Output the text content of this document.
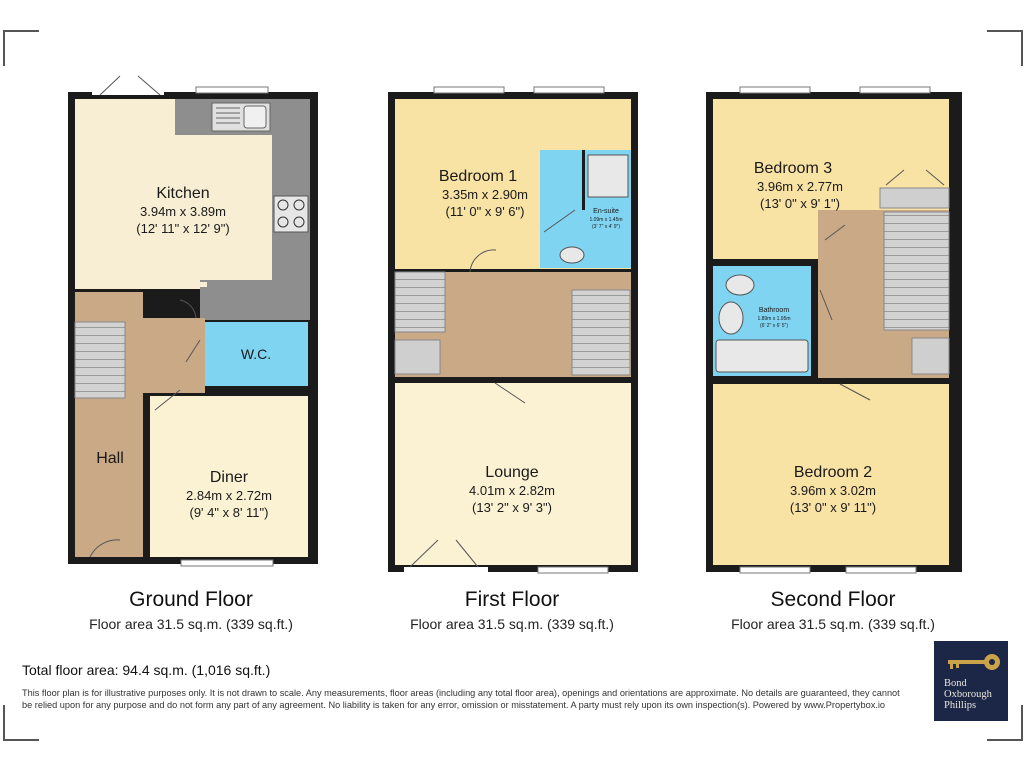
Kitchen
3.94m x 3.89m
(12' 11" x 12' 9")
W.C.
Hall
Diner
2.84m x 2.72m
(9' 4" x 8' 11")
Bedroom 1
3.35m x 2.90m
(11' 0" x 9' 6")	En-suite
1.09m x 1.45m
(3' 7" x 4' 9")
Lounge
4.01m x 2.82m
(13' 2" x 9' 3")
Bedroom 3
3.96m x 2.77m
(13' 0" x 9' 1")
Bathroom
1.89m x 1.95m
(6' 2" x 6' 5")
Bedroom 2
3.96m x 3.02m
(13' 0" x 9' 11")
Ground Floor
Floor area 31.5 sq.m. (339 sq.ft.)
First Floor
Floor area 31.5 sq.m. (339 sq.ft.)
Second Floor
Floor area 31.5 sq.m. (339 sq.ft.)
Total floor area: 94.4 sq.m. (1,016 sq.ft.)
This floor plan is for illustrative purposes only. It is not drawn to scale. Any measurements, floor areas (including any total floor area), openings and orientations are approximate. No details are guaranteed, they cannot be relied upon for any purpose and do not form any part of any agreement. No liability is taken for any error, omission or misstatement. A party must rely upon its own inspection(s). Powered by www.Propertybox.io
Bond
Oxborough
Phillips
